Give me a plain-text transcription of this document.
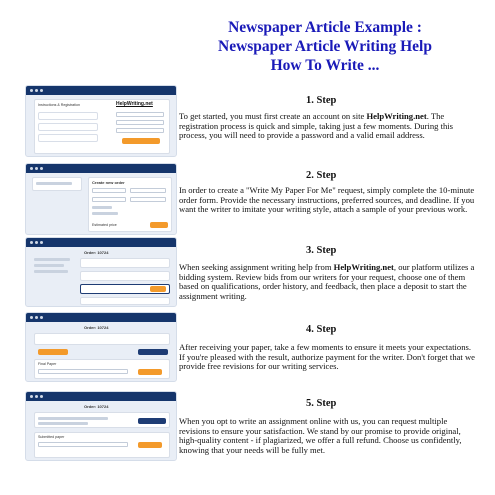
Newspaper Article Example :
Newspaper Article Writing Help
How To Write ...
Instructions & Registration	HelpWriting.net	1. Step
To get started, you must first create an account on site HelpWriting.net. The registration process is quick and simple, taking just a few moments. During this process, you will need to provide a password and a valid email address.
Create new order
Estimated price
2. Step
In order to create a "Write My Paper For Me" request, simply complete the 10-minute order form. Provide the necessary instructions, preferred sources, and deadline. If you want the writer to imitate your writing style, attach a sample of your previous work.
Order: 10724	3. Step
When seeking assignment writing help from HelpWriting.net, our platform utilizes a bidding system. Review bids from our writers for your request, choose one of them based on qualifications, order history, and feedback, then place a deposit to start the assignment writing.
Order: 10724
Final Paper
4. Step
After receiving your paper, take a few moments to ensure it meets your expectations. If you're pleased with the result, authorize payment for the writer. Don't forget that we provide free revisions for our writing services.
Order: 10724
Submitted paper
5. Step
When you opt to write an assignment online with us, you can request multiple revisions to ensure your satisfaction. We stand by our promise to provide original, high-quality content - if plagiarized, we offer a full refund. Choose us confidently, knowing that your needs will be fully met.
